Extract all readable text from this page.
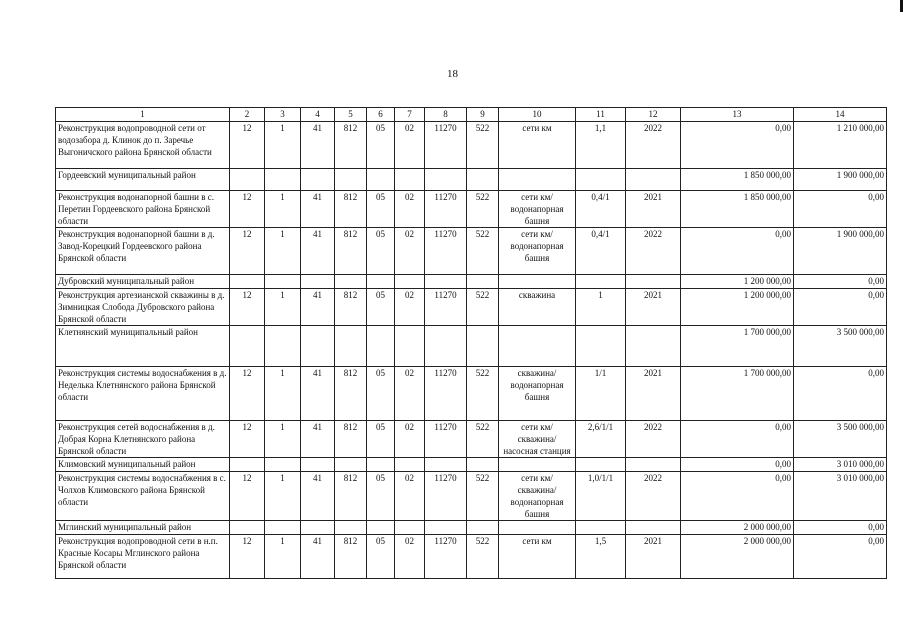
18
1	2	3	4	5	6	7	8	9	10	11	12	13	14
Реконструкция водопроводной сети от водозабора д. Клинок до п. Заречье Выгоничского района Брянской области	12	1	41	812	05	02	11270	522	сети км	1,1	2022	0,00	1 210 000,00
Гордеевский муниципальный район												1 850 000,00	1 900 000,00
Реконструкция водонапорной башни в с. Перетин Гордеевского района Брянской области	12	1	41	812	05	02	11270	522	сети км/ водонапорная башня	0,4/1	2021	1 850 000,00	0,00
Реконструкция водонапорной башни в д. Завод-Корецкий Гордеевского района Брянской области	12	1	41	812	05	02	11270	522	сети км/ водонапорная башня	0,4/1	2022	0,00	1 900 000,00
Дубровский муниципальный район												1 200 000,00	0,00
Реконструкция артезианской скважины в д. Зимницкая Слобода Дубровского района Брянской области	12	1	41	812	05	02	11270	522	скважина	1	2021	1 200 000,00	0,00
Клетнянский муниципальный район												1 700 000,00	3 500 000,00
Реконструкция системы водоснабжения в д. Неделька Клетнянского района Брянской области	12	1	41	812	05	02	11270	522	скважина/ водонапорная башня	1/1	2021	1 700 000,00	0,00
Реконструкция сетей водоснабжения в д. Добрая Корна Клетнянского района Брянской области	12	1	41	812	05	02	11270	522	сети км/ скважина/ насосная станция	2,6/1/1	2022	0,00	3 500 000,00
Климовский муниципальный район												0,00	3 010 000,00
Реконструкция системы водоснабжения в с. Чолхов Климовского района Брянской области	12	1	41	812	05	02	11270	522	сети км/ скважина/ водонапорная башня	1,0/1/1	2022	0,00	3 010 000,00
Мглинский муниципальный район												2 000 000,00	0,00
Реконструкция водопроводной сети в н.п. Красные Косары Мглинского района Брянской области	12	1	41	812	05	02	11270	522	сети км	1,5	2021	2 000 000,00	0,00
